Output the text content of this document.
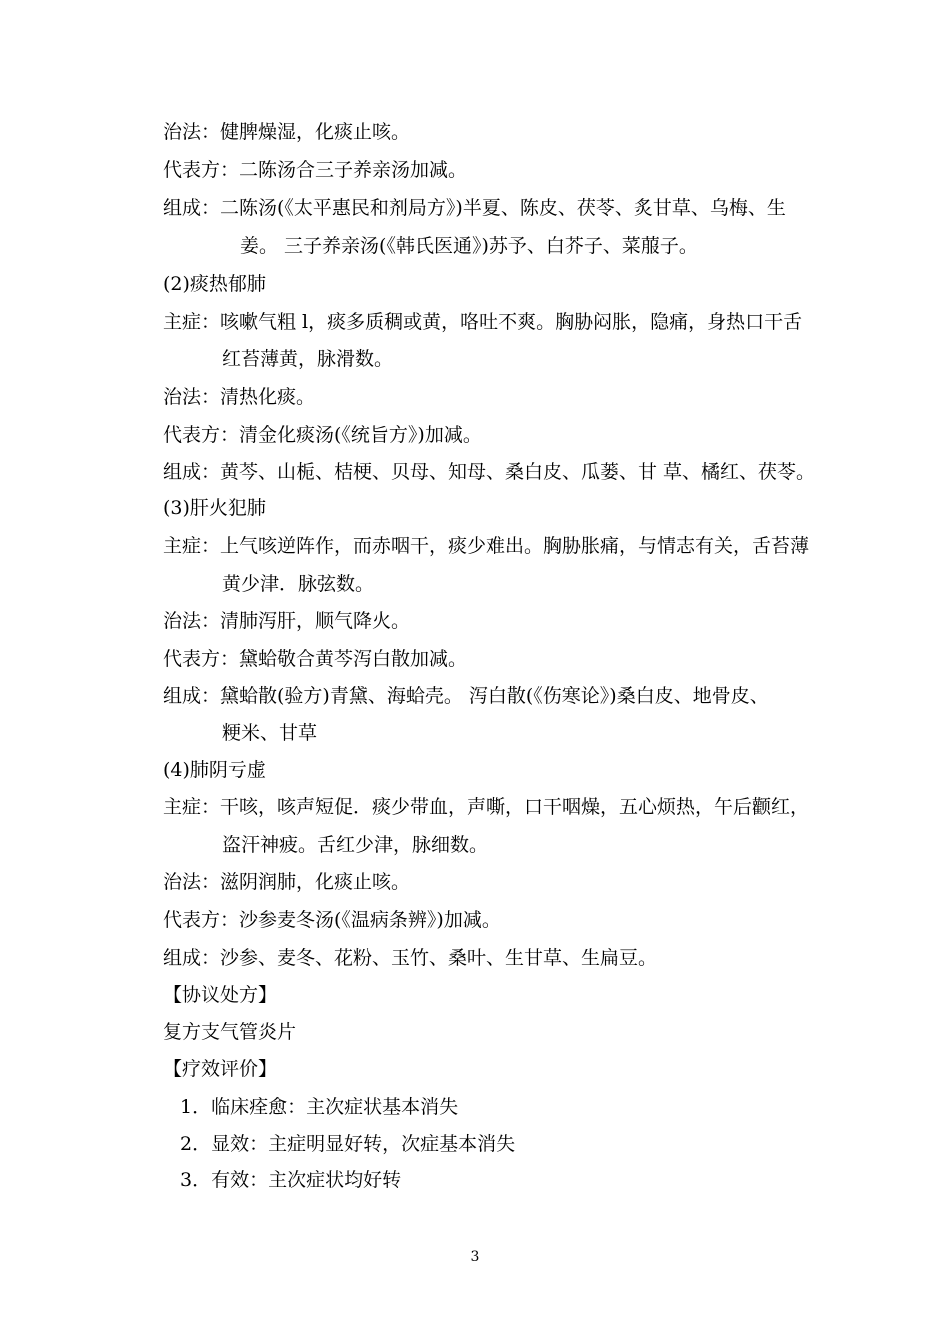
治法：健脾燥湿，化痰止咳。
代表方：二陈汤合三子养亲汤加减。
组成：二陈汤(《太平惠民和剂局方》)半夏、陈皮、茯苓、炙甘草、乌梅、生
姜。 三子养亲汤(《韩氏医通》)苏予、白芥子、菜菔子。
(2)痰热郁肺
主症：咳嗽气粗 l，痰多质稠或黄，咯吐不爽。胸胁闷胀，隐痛，身热口干舌
红苔薄黄，脉滑数。
治法：清热化痰。
代表方：清金化痰汤(《统旨方》)加减。
组成：黄芩、山栀、桔梗、贝母、知母、桑白皮、瓜蒌、甘 草、橘红、茯苓。
(3)肝火犯肺
主症：上气咳逆阵作，而赤咽干，痰少难出。胸胁胀痛，与情志有关，舌苔薄
黄少津．脉弦数。
治法：清肺泻肝，顺气降火。
代表方：黛蛤敬合黄芩泻白散加减。
组成：黛蛤散(验方)青黛、海蛤壳。 泻白散(《伤寒论》)桑白皮、地骨皮、
粳米、甘草
(4)肺阴亏虚
主症：干咳，咳声短促．痰少带血，声嘶，口干咽燥，五心烦热，午后颧红，
盗汗神疲。舌红少津，脉细数。
治法：滋阴润肺，化痰止咳。
代表方：沙参麦冬汤(《温病条辨》)加减。
组成：沙参、麦冬、花粉、玉竹、桑叶、生甘草、生扁豆。
【协议处方】
复方支气管炎片
【疗效评价】
1．临床痊愈：主次症状基本消失
2．显效：主症明显好转，次症基本消失
3．有效：主次症状均好转
3
